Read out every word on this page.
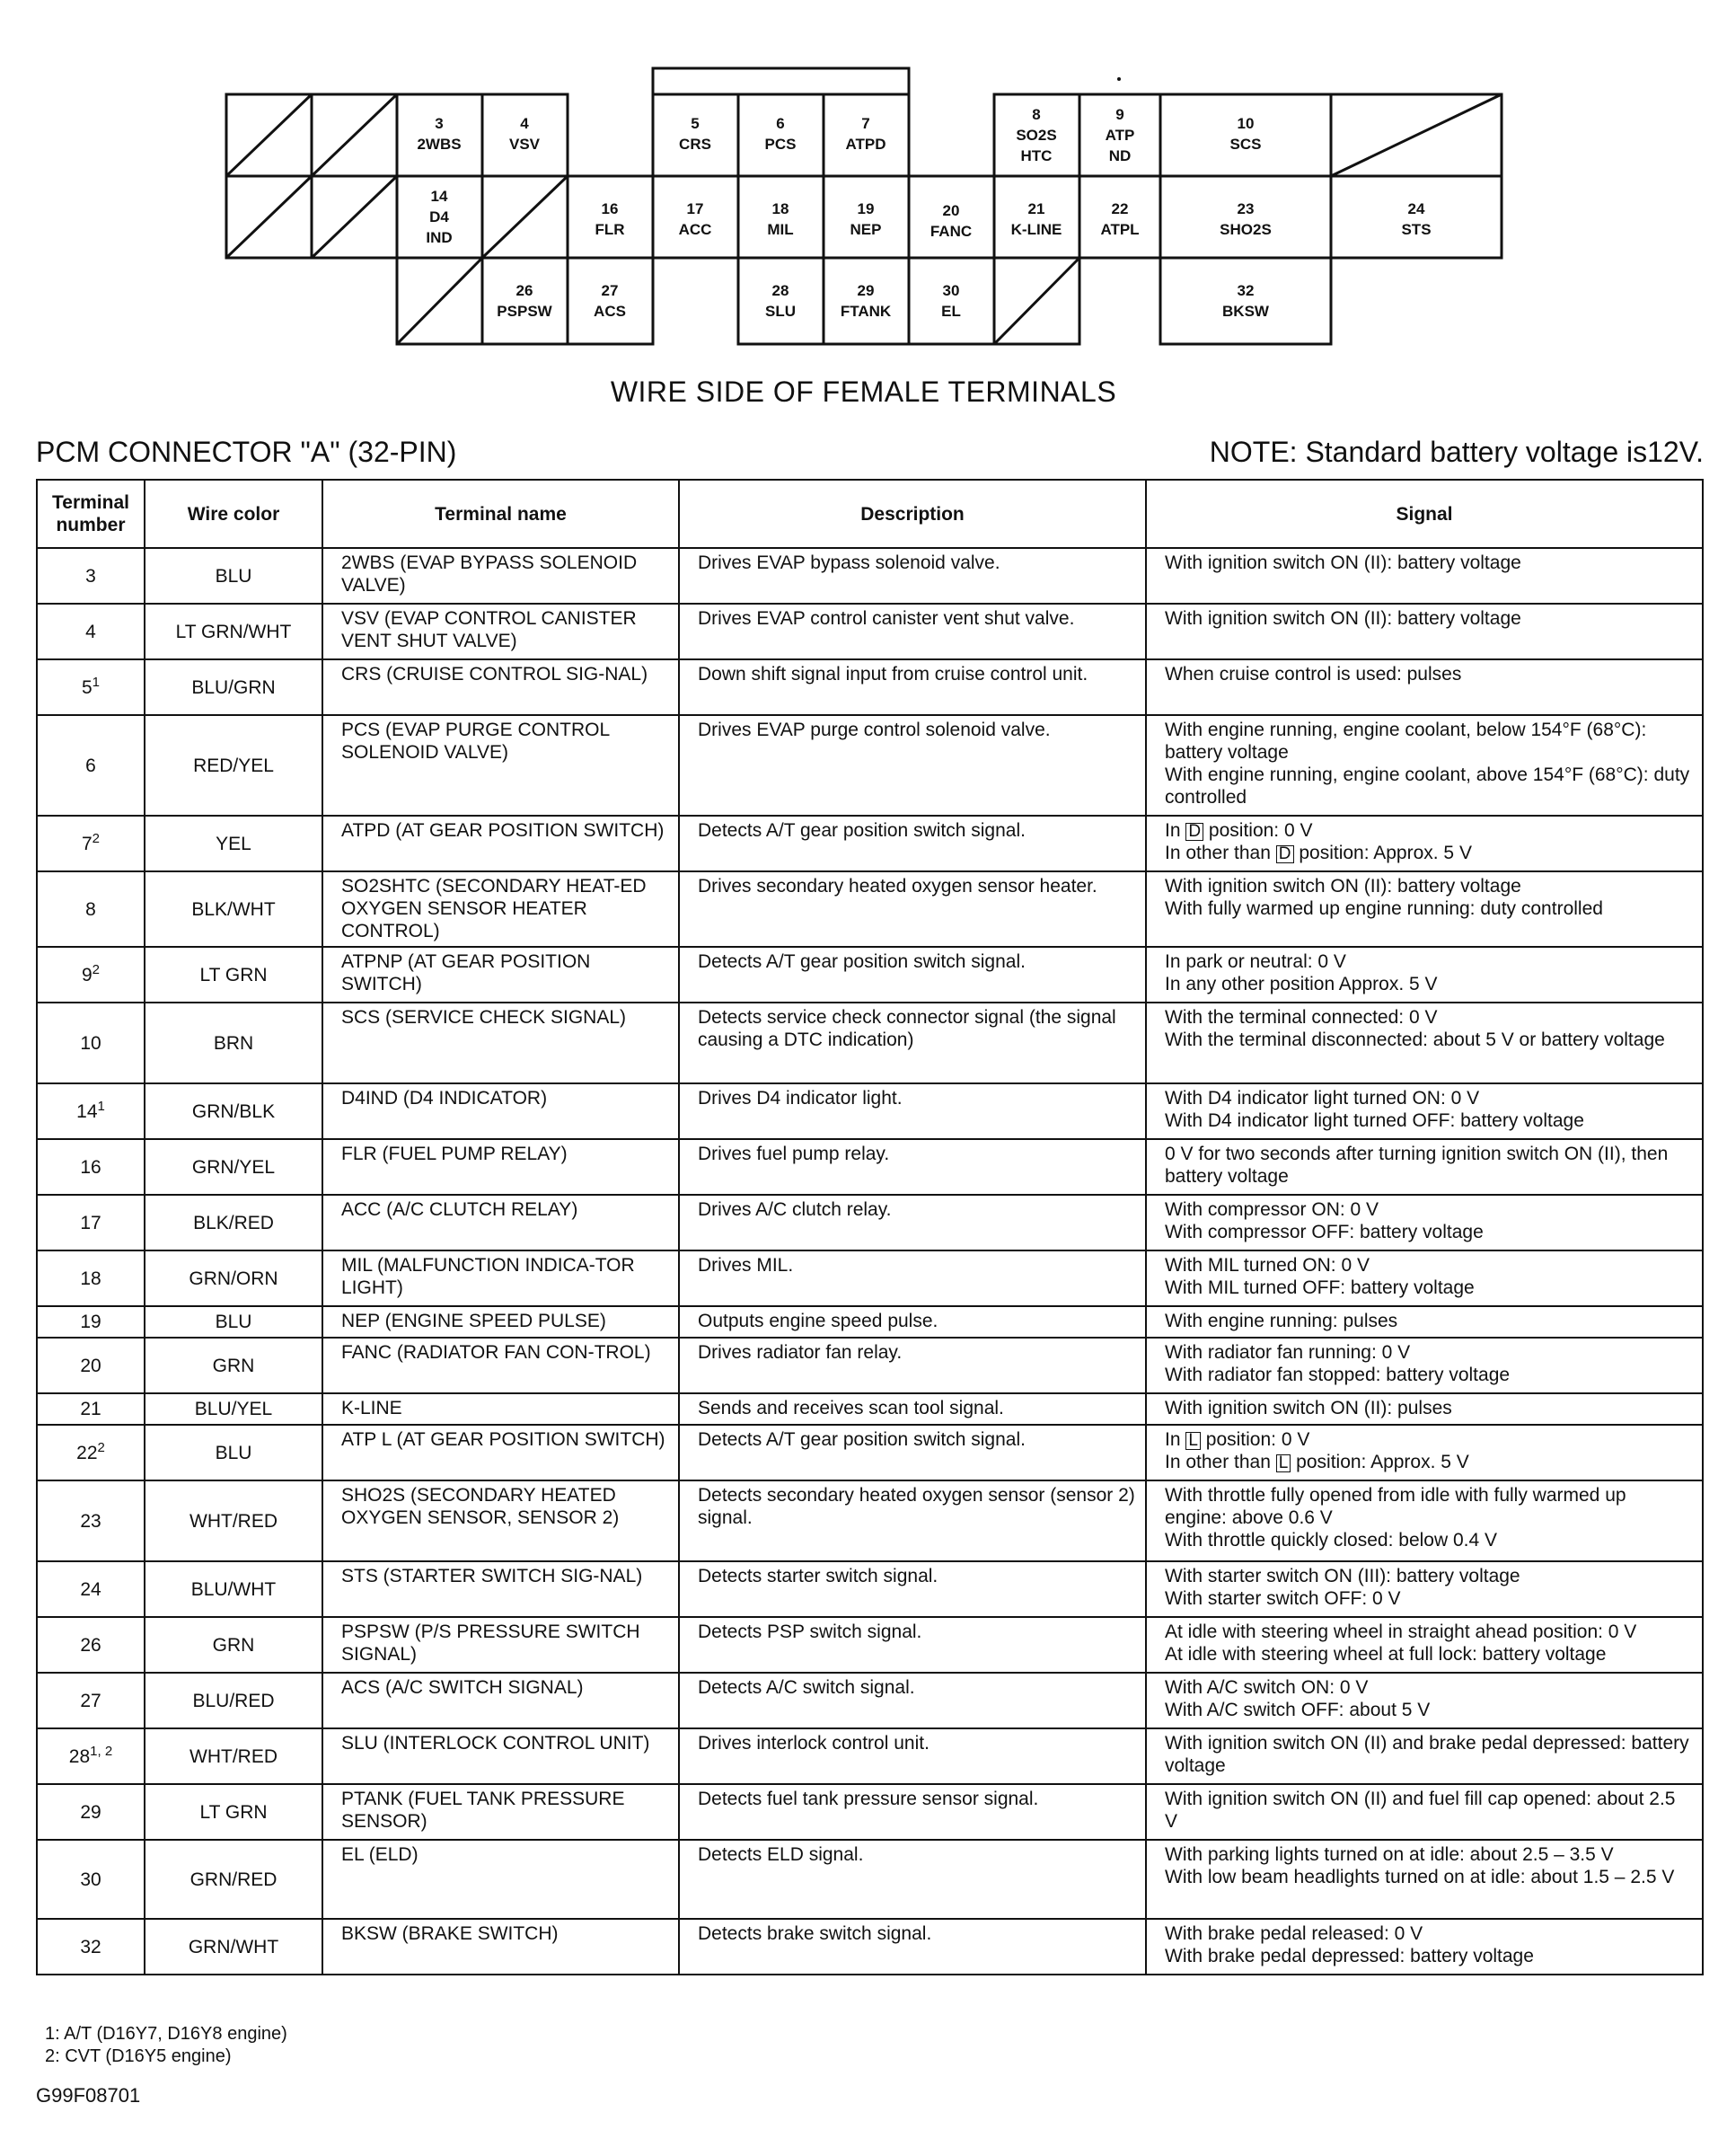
3
2WBS
4
VSV
5
CRS
6
PCS
7
ATPD
8
SO2S
HTC
9
ATP
ND
10
SCS
14
D4
IND
16
FLR
17
ACC
18
MIL
19
NEP
20
FANC
21
K-LINE
22
ATPL
23
SHO2S
24
STS
26
PSPSW
27
ACS
28
SLU
29
FTANK
30
EL
32
BKSW
WIRE SIDE OF FEMALE TERMINALS
PCM CONNECTOR "A" (32-PIN)	NOTE: Standard battery voltage is12V.
Terminal number	Wire color	Terminal name	Description	Signal
3	BLU	2WBS (EVAP BYPASS SOLENOID VALVE)	Drives EVAP bypass solenoid valve.	With ignition switch ON (II): battery voltage

4	LT GRN/WHT	VSV (EVAP CONTROL CANISTER VENT SHUT VALVE)	Drives EVAP control canister vent shut valve.	With ignition switch ON (II): battery voltage

$5^1$	BLU/GRN	CRS (CRUISE CONTROL SIG-NAL)	Down shift signal input from cruise control unit.	When cruise control is used: pulses

6	RED/YEL	PCS (EVAP PURGE CONTROL SOLENOID VALVE)	Drives EVAP purge control solenoid valve.	With engine running, engine coolant, below 154°F (68°C): battery voltage
With engine running, engine coolant, above 154°F (68°C): duty controlled

$7^2$	YEL	ATPD (AT GEAR POSITION SWITCH)	Detects A/T gear position switch signal.	In D position: 0 V
In other than D position: Approx. 5 V

8	BLK/WHT	SO2SHTC (SECONDARY HEAT-ED OXYGEN SENSOR HEATER CONTROL)	Drives secondary heated oxygen sensor heater.	With ignition switch ON (II): battery voltage
With fully warmed up engine running: duty controlled

$9^2$	LT GRN	ATPNP (AT GEAR POSITION SWITCH)	Detects A/T gear position switch signal.	In park or neutral: 0 V
In any other position Approx. 5 V

10	BRN	SCS (SERVICE CHECK SIGNAL)	Detects service check connector signal (the signal causing a DTC indication)	With the terminal connected: 0 V
With the terminal disconnected: about 5 V or battery voltage

$14^1$	GRN/BLK	D4IND (D4 INDICATOR)	Drives D4 indicator light.	With D4 indicator light turned ON: 0 V
With D4 indicator light turned OFF: battery voltage

16	GRN/YEL	FLR (FUEL PUMP RELAY)	Drives fuel pump relay.	0 V for two seconds after turning ignition switch ON (II), then battery voltage

17	BLK/RED	ACC (A/C CLUTCH RELAY)	Drives A/C clutch relay.	With compressor ON: 0 V
With compressor OFF: battery voltage

18	GRN/ORN	MIL (MALFUNCTION INDICA-TOR LIGHT)	Drives MIL.	With MIL turned ON: 0 V
With MIL turned OFF: battery voltage

19	BLU	NEP (ENGINE SPEED PULSE)	Outputs engine speed pulse.	With engine running: pulses

20	GRN	FANC (RADIATOR FAN CON-TROL)	Drives radiator fan relay.	With radiator fan running: 0 V
With radiator fan stopped: battery voltage

21	BLU/YEL	K-LINE	Sends and receives scan tool signal.	With ignition switch ON (II): pulses

$22^2$	BLU	ATP L (AT GEAR POSITION SWITCH)	Detects A/T gear position switch signal.	In L position: 0 V
In other than L position: Approx. 5 V

23	WHT/RED	SHO2S (SECONDARY HEATED OXYGEN SENSOR, SENSOR 2)	Detects secondary heated oxygen sensor (sensor 2) signal.	With throttle fully opened from idle with fully warmed up engine: above 0.6 V
With throttle quickly closed: below 0.4 V

24	BLU/WHT	STS (STARTER SWITCH SIG-NAL)	Detects starter switch signal.	With starter switch ON (III): battery voltage
With starter switch OFF: 0 V

26	GRN	PSPSW (P/S PRESSURE SWITCH SIGNAL)	Detects PSP switch signal.	At idle with steering wheel in straight ahead position: 0 V
At idle with steering wheel at full lock: battery voltage

27	BLU/RED	ACS (A/C SWITCH SIGNAL)	Detects A/C switch signal.	With A/C switch ON: 0 V
With A/C switch OFF: about 5 V

28$^{1, 2}$	WHT/RED	SLU (INTERLOCK CONTROL UNIT)	Drives interlock control unit.	With ignition switch ON (II) and brake pedal depressed: battery voltage

29	LT GRN	PTANK (FUEL TANK PRESSURE SENSOR)	Detects fuel tank pressure sensor signal.	With ignition switch ON (II) and fuel fill cap opened: about 2.5 V

30	GRN/RED	EL (ELD)	Detects ELD signal.	With parking lights turned on at idle: about 2.5 – 3.5 V
With low beam headlights turned on at idle: about 1.5 – 2.5 V

32	GRN/WHT	BKSW (BRAKE SWITCH)	Detects brake switch signal.	With brake pedal released: 0 V
With brake pedal depressed: battery voltage
1: A/T (D16Y7, D16Y8 engine)
2: CVT (D16Y5 engine)
G99F08701
